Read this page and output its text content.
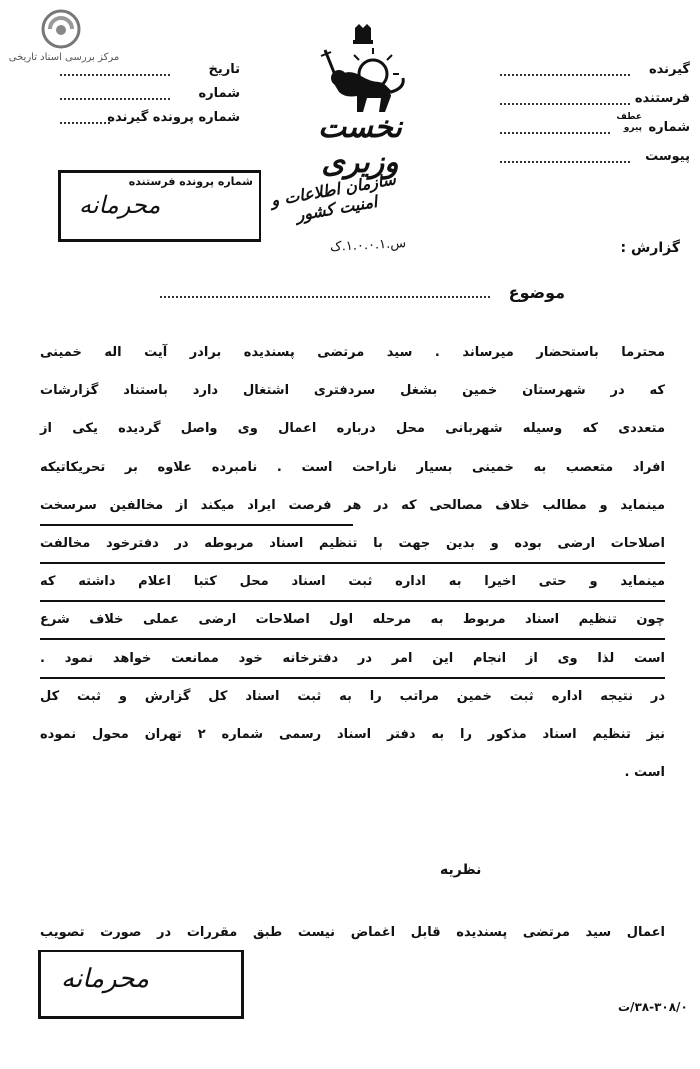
مرکز بررسی اسناد تاریخی
تاریخ
شماره
شماره پرونده گیرنده
گیرنده
فرستنده
شماره
عطف
پیرو
پیوست
نخست وزیری
سازمان اطلاعات و امنیت کشور
س.۱.۰.۰.۱.ک
شماره پرونده فرستنده
محرمانه
گزارش :
موضوع
محترما باستحضار میرساند . سید مرتضی پسندیده برادر آیت اله خمینی
که در شهرستان خمین بشغل سردفتری اشتغال دارد باستناد گزارشات
متعددی که وسیله شهربانی محل درباره اعمال وی واصل گردیده یکی از
افراد متعصب به خمینی بسیار ناراحت است . نامبرده علاوه بر تحریکاتیکه
مینماید و مطالب خلاف مصالحی که در هر فرصت ایراد میکند از مخالفین سرسخت
اصلاحات ارضی بوده و بدین جهت با تنظیم اسناد مربوطه در دفترخود مخالفت
مینماید و حتی اخیرا به اداره ثبت اسناد محل کتبا اعلام داشته که
چون تنظیم اسناد مربوط به مرحله اول اصلاحات ارضی عملی خلاف شرع
است لذا وی از انجام این امر در دفترخانه خود ممانعت خواهد نمود .
در نتیجه اداره ثبت خمین مراتب را به ثبت اسناد کل گزارش و ثبت کل
نیز تنظیم اسناد مذکور را به دفتر اسناد رسمی شماره ۲ تهران محول نموده
است .
نظریه
اعمال سید مرتضی پسندیده قابل اغماض نیست طبق مقررات در صورت تصویب
محرمانه
۳۸-۳۰۸/۰/ت
